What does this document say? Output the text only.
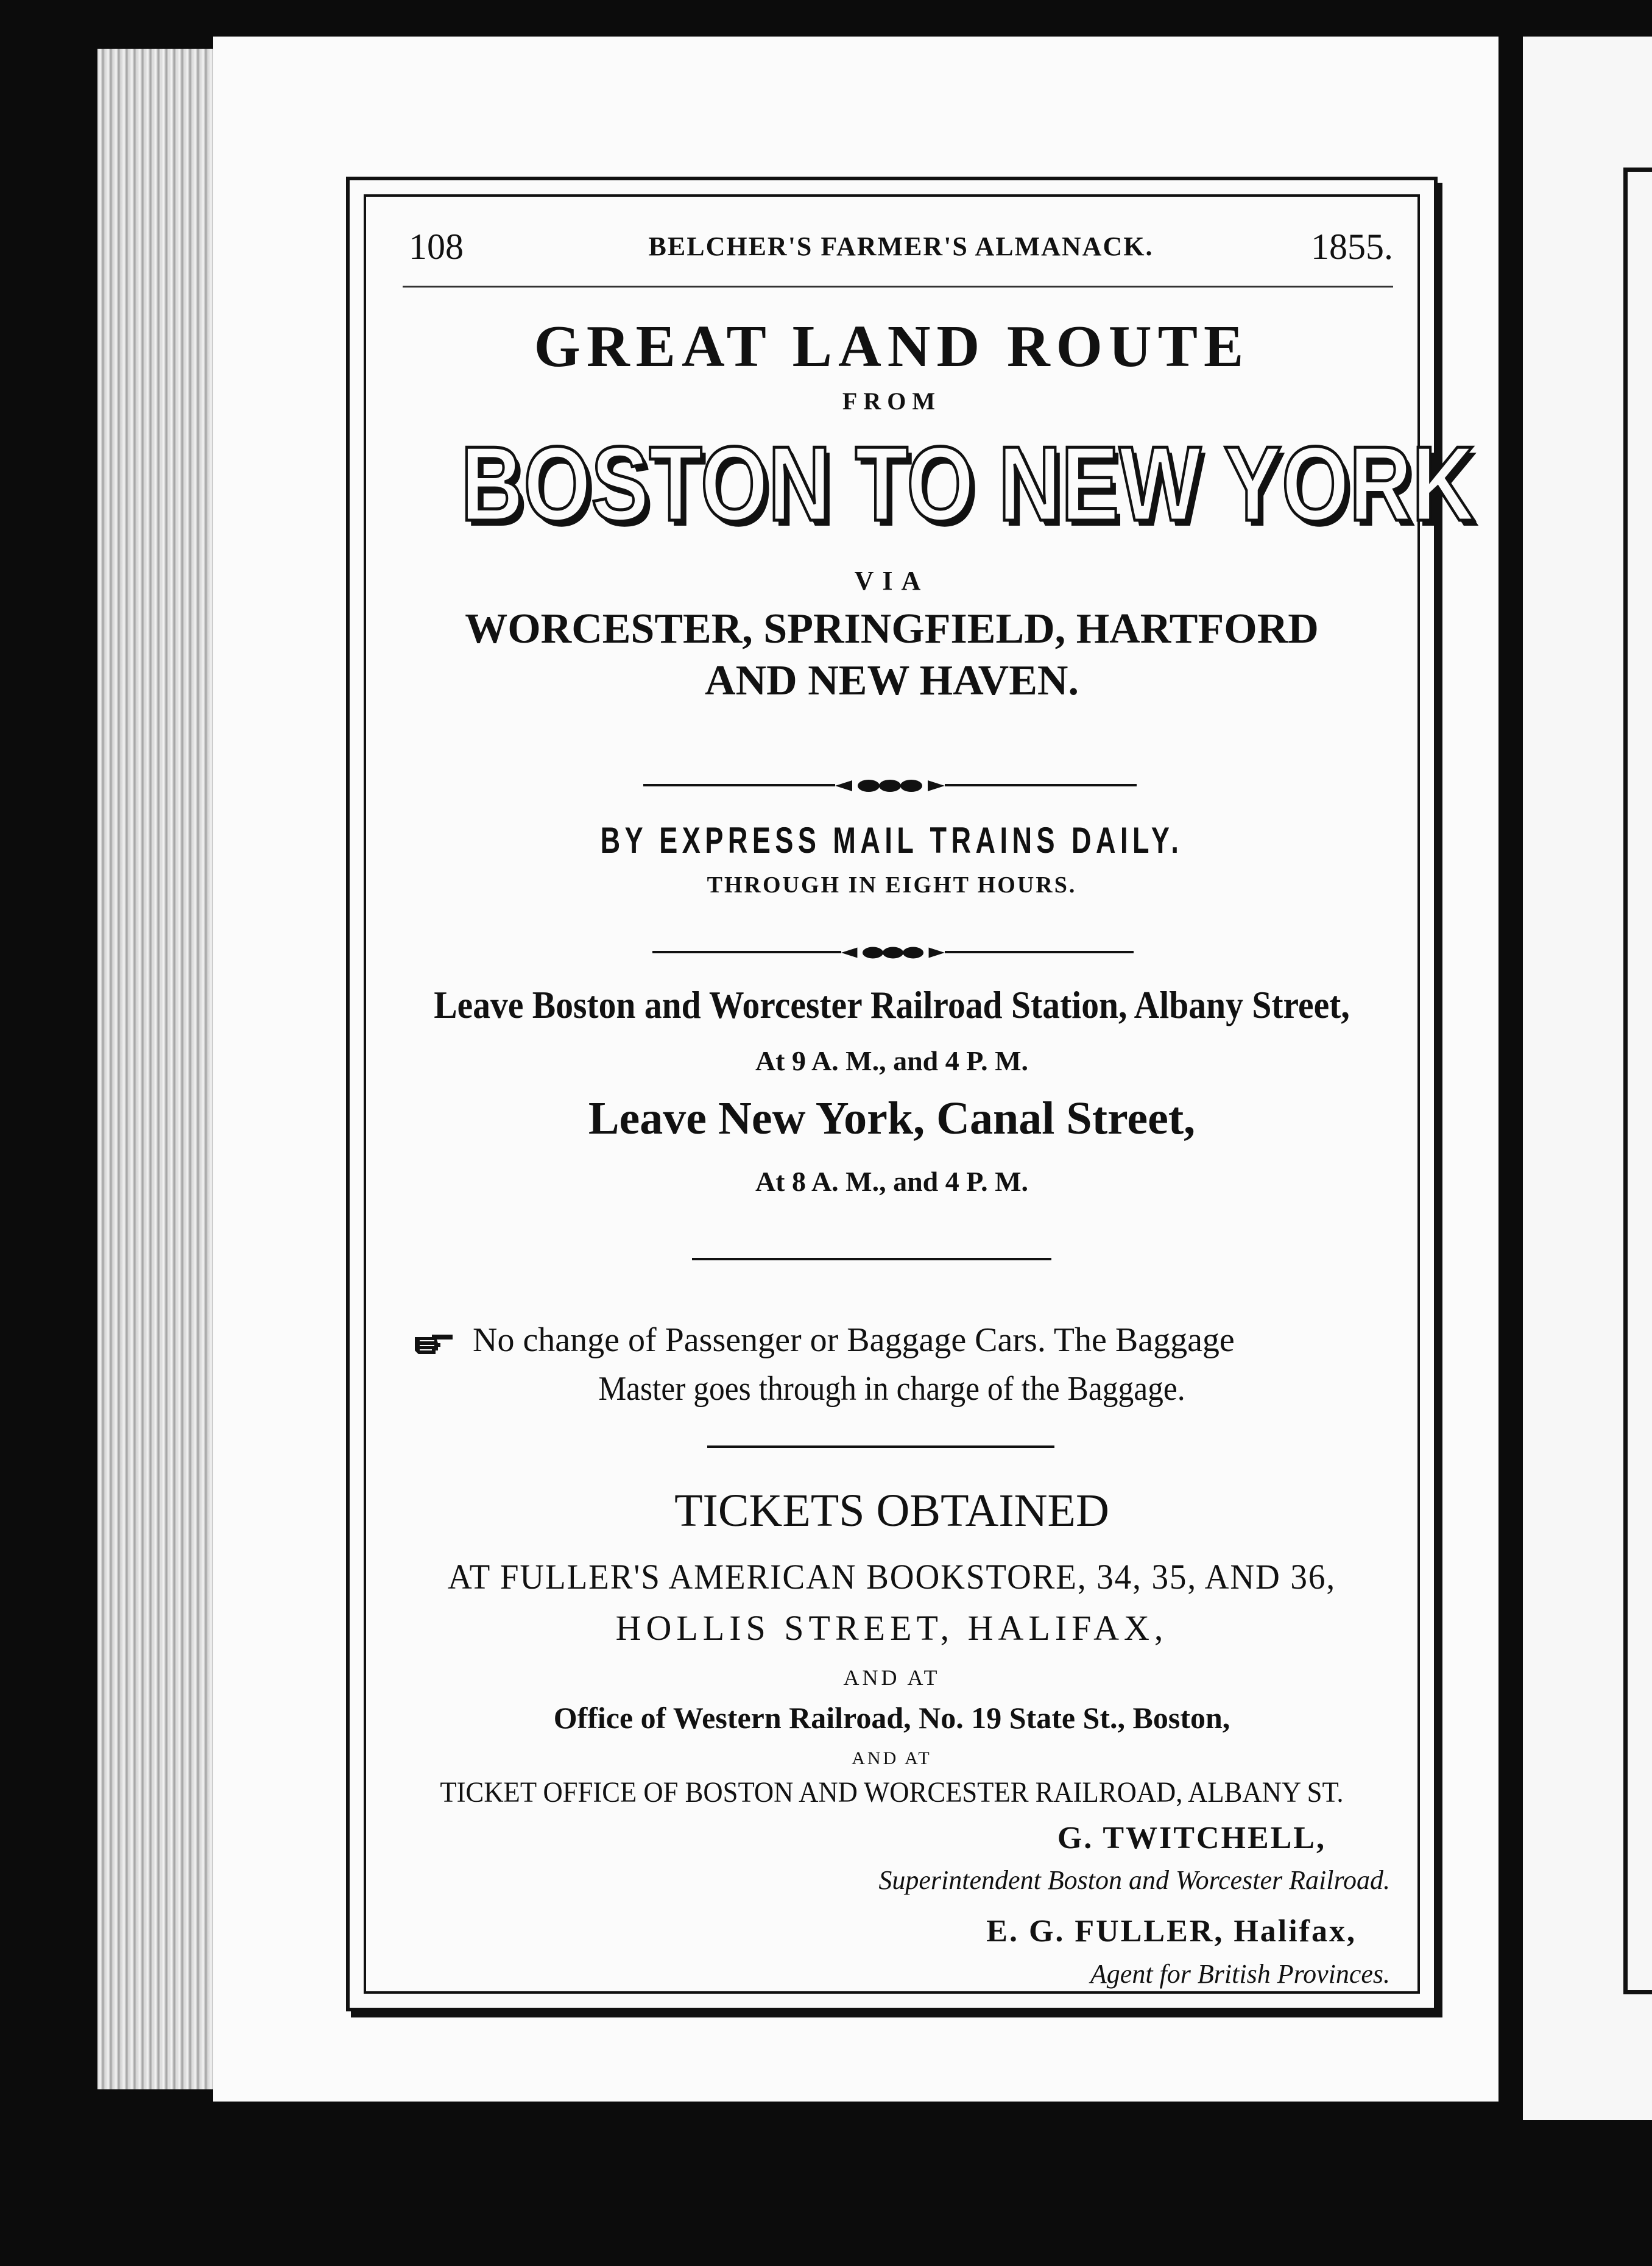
108	BELCHER'S FARMER'S ALMANACK.	1855.
GREAT LAND ROUTE
FROM
BOSTON TO NEW YORK
VIA
WORCESTER, SPRINGFIELD, HARTFORD
AND NEW HAVEN.
BY EXPRESS MAIL TRAINS DAILY.
THROUGH IN EIGHT HOURS.
Leave Boston and Worcester Railroad Station, Albany Street,
At 9 A. M., and 4 P. M.
Leave New York, Canal Street,
At 8 A. M., and 4 P. M.
No change of Passenger or Baggage Cars. The Baggage
Master goes through in charge of the Baggage.
TICKETS OBTAINED
AT FULLER'S AMERICAN BOOKSTORE, 34, 35, AND 36,
HOLLIS STREET, HALIFAX,
AND AT
Office of Western Railroad, No. 19 State St., Boston,
AND AT
TICKET OFFICE OF BOSTON AND WORCESTER RAILROAD, ALBANY ST.
G. TWITCHELL,
Superintendent Boston and Worcester Railroad.
E. G. FULLER, Halifax,
Agent for British Provinces.
